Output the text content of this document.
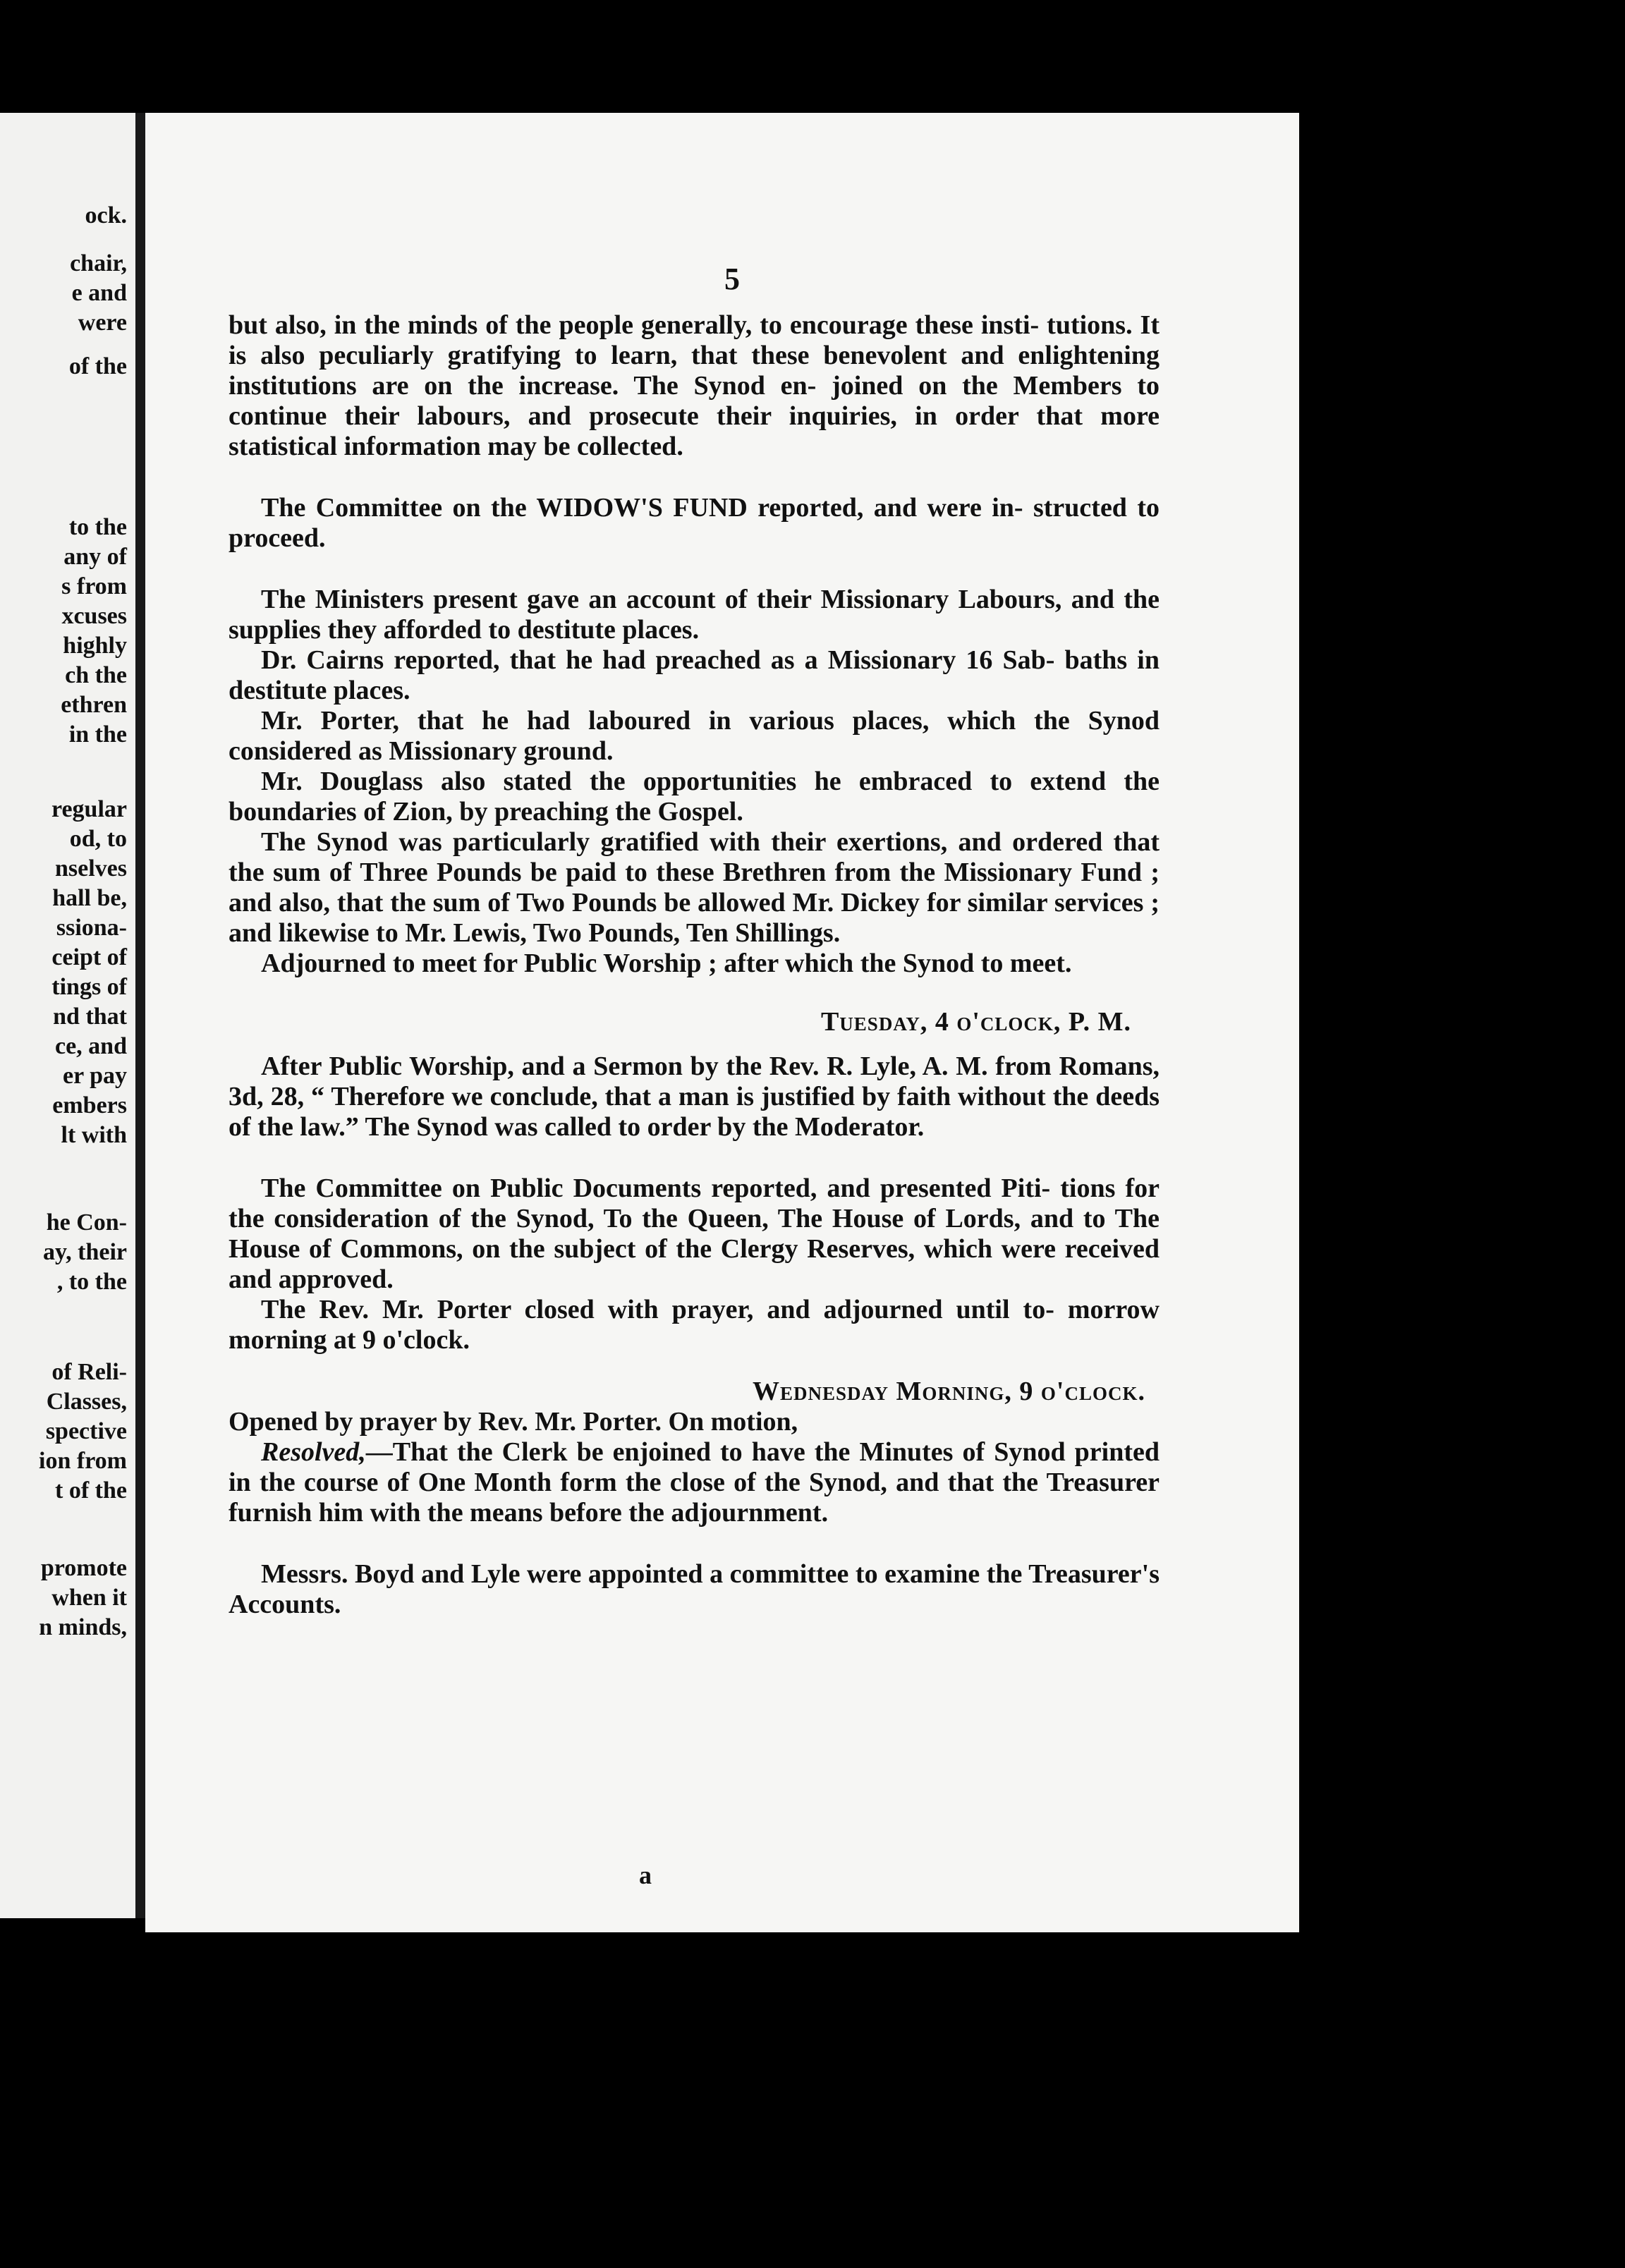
ock.
chair,
e and
were
of the
to the
any of
s from
xcuses
highly
ch the
ethren
in the
regular
od, to
nselves
hall be,
ssiona-
ceipt of
tings of
nd that
ce, and
er pay
embers
lt with
he Con-
ay, their
, to the
of Reli-
Classes,
spective
ion from
t of the
promote
when it
n minds,
5

but also, in the minds of the people generally, to encourage these insti- tutions. It is also peculiarly gratifying to learn, that these benevolent and enlightening institutions are on the increase. The Synod en- joined on the Members to continue their labours, and prosecute their inquiries, in order that more statistical information may be collected.

The Committee on the WIDOW'S FUND reported, and were in- structed to proceed.

The Ministers present gave an account of their Missionary Labours, and the supplies they afforded to destitute places.

Dr. Cairns reported, that he had preached as a Missionary 16 Sab- baths in destitute places.

Mr. Porter, that he had laboured in various places, which the Synod considered as Missionary ground.

Mr. Douglass also stated the opportunities he embraced to extend the boundaries of Zion, by preaching the Gospel.

The Synod was particularly gratified with their exertions, and ordered that the sum of Three Pounds be paid to these Brethren from the Missionary Fund ; and also, that the sum of Two Pounds be allowed Mr. Dickey for similar services ; and likewise to Mr. Lewis, Two Pounds, Ten Shillings.

Adjourned to meet for Public Worship ; after which the Synod to meet.

Tuesday, 4 o'clock, P. M.

After Public Worship, and a Sermon by the Rev. R. Lyle, A. M. from Romans, 3d, 28, “ Therefore we conclude, that a man is justified by faith without the deeds of the law.” The Synod was called to order by the Moderator.

The Committee on Public Documents reported, and presented Piti- tions for the consideration of the Synod, To the Queen, The House of Lords, and to The House of Commons, on the subject of the Clergy Reserves, which were received and approved.

The Rev. Mr. Porter closed with prayer, and adjourned until to- morrow morning at 9 o'clock.

Wednesday Morning, 9 o'clock.

Opened by prayer by Rev. Mr. Porter. On motion,

Resolved,—That the Clerk be enjoined to have the Minutes of Synod printed in the course of One Month form the close of the Synod, and that the Treasurer furnish him with the means before the adjournment.

Messrs. Boyd and Lyle were appointed a committee to examine the Treasurer's Accounts.

a
